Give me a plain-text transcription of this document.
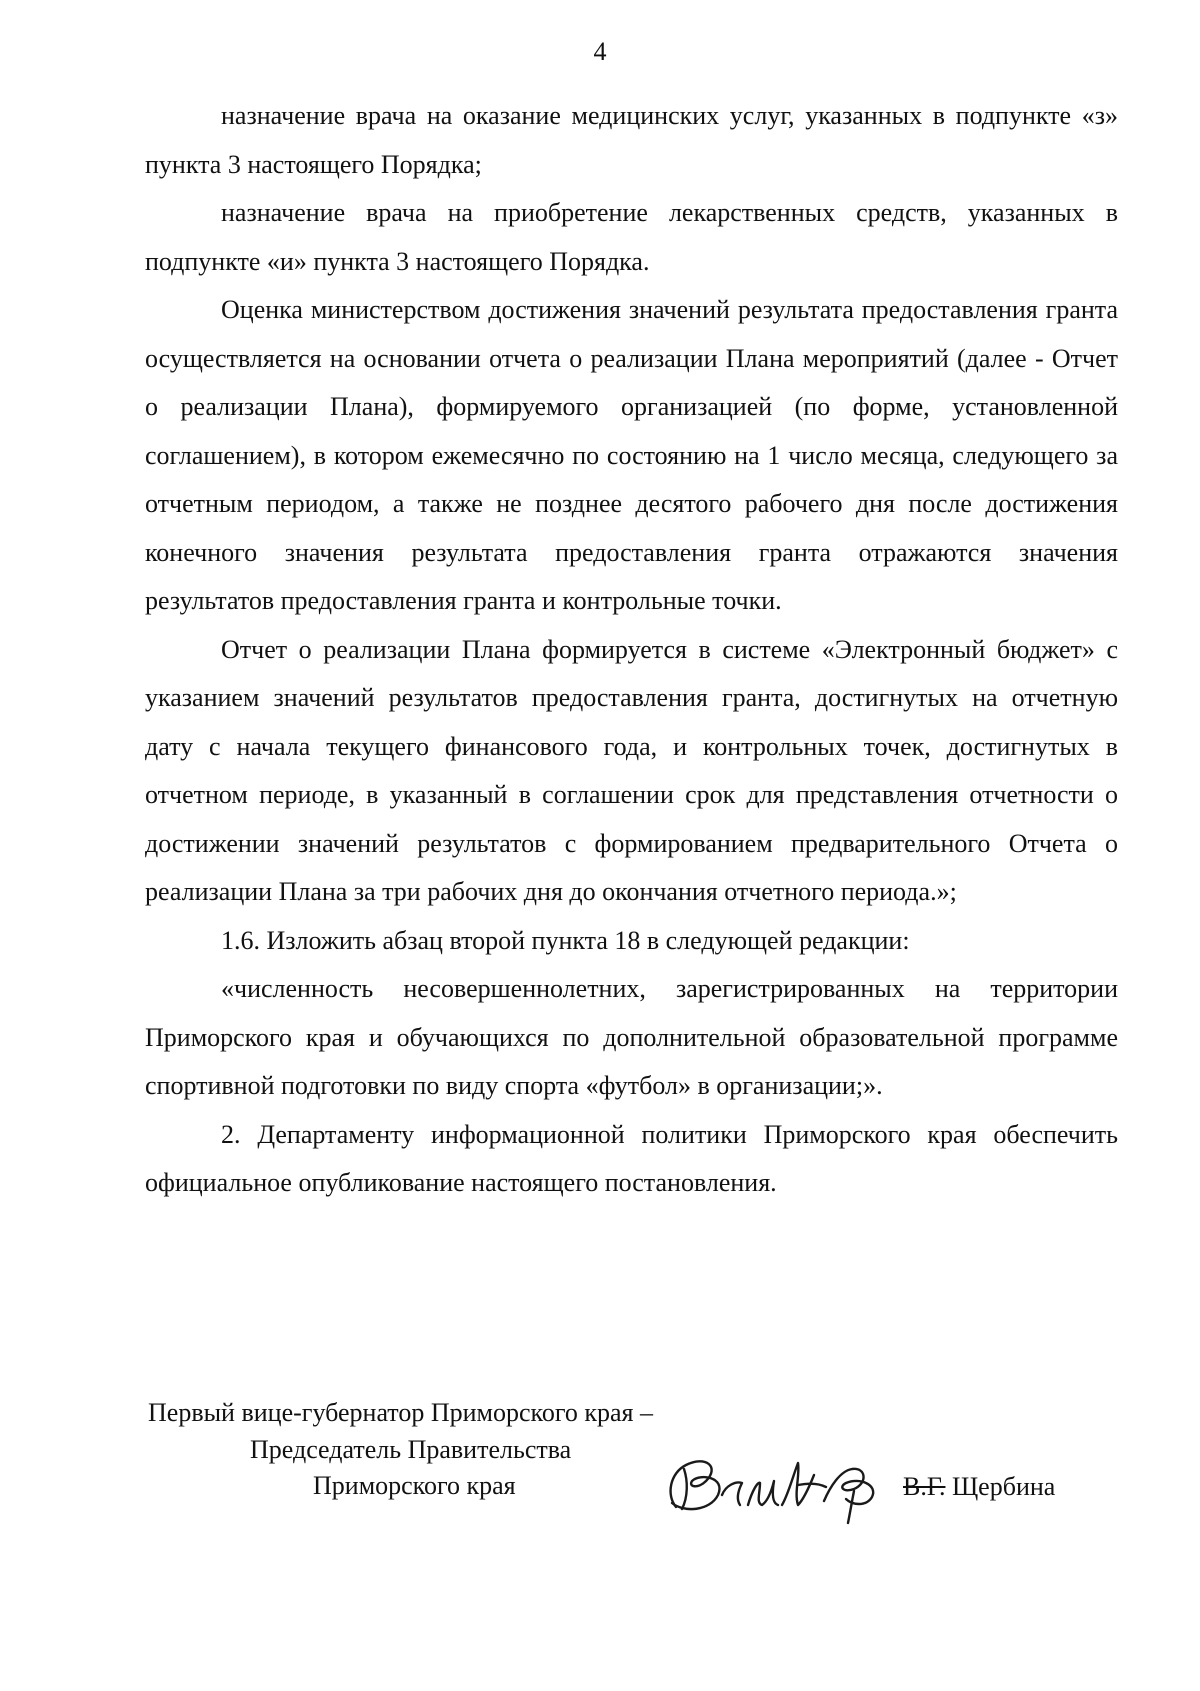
4

назначение врача на оказание медицинских услуг, указанных в подпункте «з» пункта 3 настоящего Порядка;

назначение врача на приобретение лекарственных средств, указанных в подпункте «и» пункта 3 настоящего Порядка.

Оценка министерством достижения значений результата предоставления гранта осуществляется на основании отчета о реализации Плана мероприятий (далее - Отчет о реализации Плана), формируемого организацией (по форме, установленной соглашением), в котором ежемесячно по состоянию на 1 число месяца, следующего за отчетным периодом, а также не позднее десятого рабочего дня после достижения конечного значения результата предоставления гранта отражаются значения результатов предоставления гранта и контрольные точки.

Отчет о реализации Плана формируется в системе «Электронный бюджет» с указанием значений результатов предоставления гранта, достигнутых на отчетную дату с начала текущего финансового года, и контрольных точек, достигнутых в отчетном периоде, в указанный в соглашении срок для представления отчетности о достижении значений результатов с формированием предварительного Отчета о реализации Плана за три рабочих дня до окончания отчетного периода.»;

1.6. Изложить абзац второй пункта 18 в следующей редакции:

«численность несовершеннолетних, зарегистрированных на территории Приморского края и обучающихся по дополнительной образовательной программе спортивной подготовки по виду спорта «футбол» в организации;».

2. Департаменту информационной политики Приморского края обеспечить официальное опубликование настоящего постановления.

Первый вице-губернатор Приморского края –
Председатель Правительства
Приморского края	В.Г. Щербина
